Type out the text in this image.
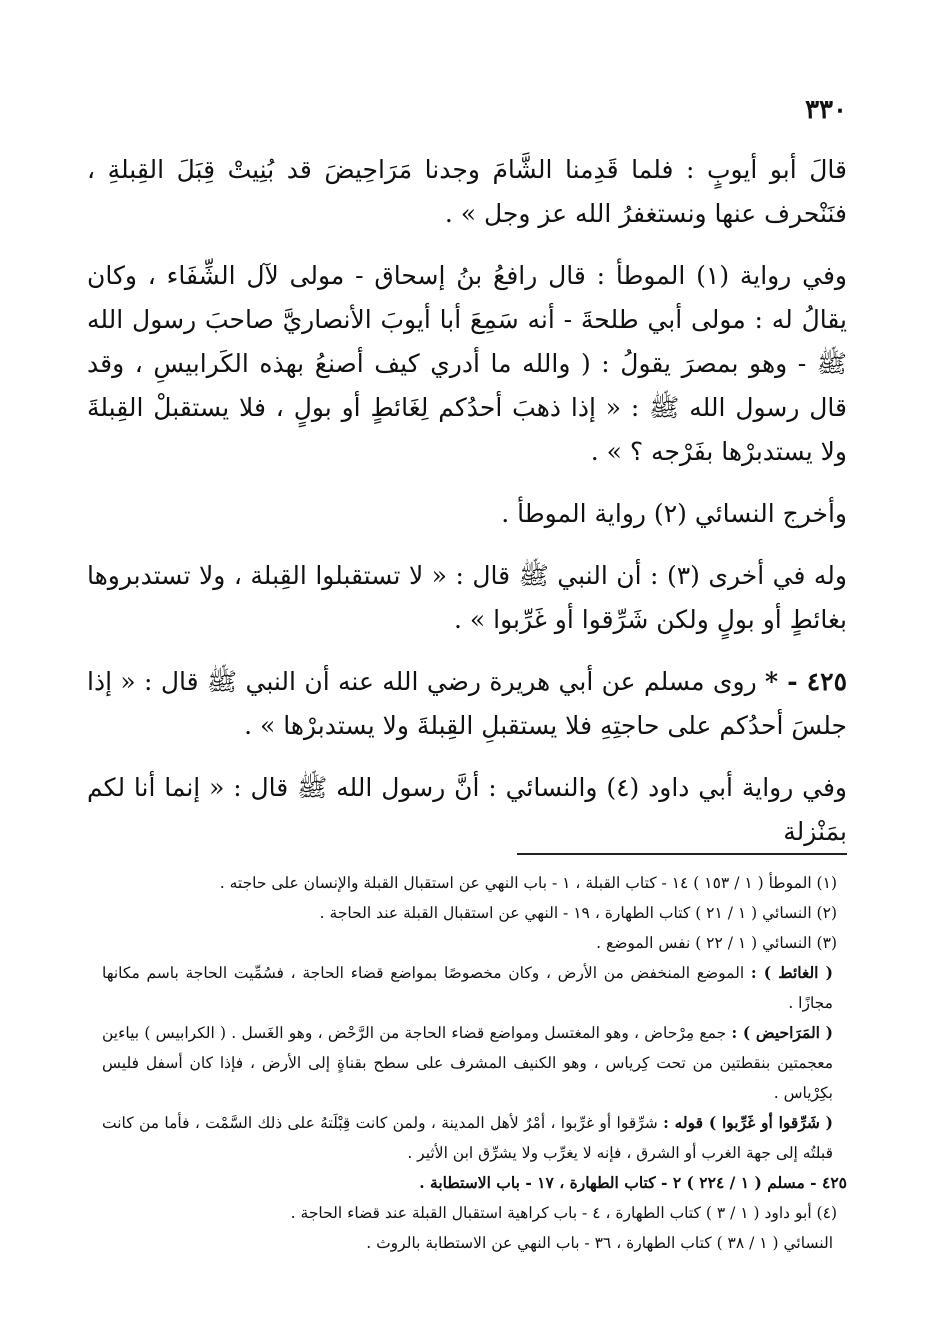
٣٣٠

قالَ أبو أيوبٍ : فلما قَدِمنا الشَّامَ وجدنا مَرَاحِيضَ قد بُنِيتْ قِبَلَ القِبلةِ ، فنَنْحرف عنها ونستغفرُ الله عز وجل » .

وفي رواية (١) الموطأ : قال رافعُ بنُ إسحاق - مولى لآل الشِّفَاء ، وكان يقالُ له : مولى أبي طلحةَ - أنه سَمِعَ أبا أيوبَ الأنصاريَّ صاحبَ رسول الله ﷺ - وهو بمصرَ يقولُ : ( والله ما أدري كيف أصنعُ بهذه الكَرابيسِ ، وقد قال رسول الله ﷺ : « إذا ذهبَ أحدُكم لِغَائطٍ أو بولٍ ، فلا يستقبلْ القِبلةَ ولا يستدبرْها بفَرْجه ؟ » .

وأخرج النسائي (٢) رواية الموطأ .

وله في أخرى (٣) : أن النبي ﷺ قال : « لا تستقبلوا القِبلة ، ولا تستدبروها بغائطٍ أو بولٍ ولكن شَرِّقوا أو غَرِّبوا » .

٤٢٥ - * روى مسلم عن أبي هريرة رضي الله عنه أن النبي ﷺ قال : « إذا جلسَ أحدُكم على حاجتِهِ فلا يستقبلِ القِبلةَ ولا يستدبرْها » .

وفي رواية أبي داود (٤) والنسائي : أنَّ رسول الله ﷺ قال : « إنما أنا لكم بمَنْزلة

(١) الموطأ ( ١ / ١٥٣ ) ١٤ - كتاب القبلة ، ١ - باب النهي عن استقبال القبلة والإنسان على حاجته .

(٢) النسائي ( ١ / ٢١ ) كتاب الطهارة ، ١٩ - النهي عن استقبال القبلة عند الحاجة .

(٣) النسائي ( ١ / ٢٢ ) نفس الموضع .

( الغائط ) : الموضع المنخفض من الأرض ، وكان مخصوصًا بمواضع قضاء الحاجة ، فسُمِّيت الحاجة باسم مكانها مجازًا .

( المَرَاحيض ) : جمع مِرْحاض ، وهو المغتسل ومواضع قضاء الحاجة من الرَّحْض ، وهو الغَسل . ( الكرابيس ) بياءين معجمتين بنقطتين من تحت كِرياس ، وهو الكنيف المشرف على سطح بقناةٍ إلى الأرض ، فإذا كان أسفل فليس بكِرْياس .

( شَرِّقوا أو غَرِّبوا ) قوله : شرِّقوا أو غرِّبوا ، أمْرٌ لأهل المدينة ، ولمن كانت قِبْلَتهُ على ذلك السَّمْت ، فأما من كانت قبلتُه إلى جهة الغرب أو الشرق ، فإنه لا يغرِّب ولا يشرِّق ابن الأثير .

٤٢٥ - مسلم ( ١ / ٢٢٤ ) ٢ - كتاب الطهارة ، ١٧ - باب الاستطابة .

(٤) أبو داود ( ١ / ٣ ) كتاب الطهارة ، ٤ - باب كراهية استقبال القبلة عند قضاء الحاجة .

النسائي ( ١ / ٣٨ ) كتاب الطهارة ، ٣٦ - باب النهي عن الاستطابة بالروث .
